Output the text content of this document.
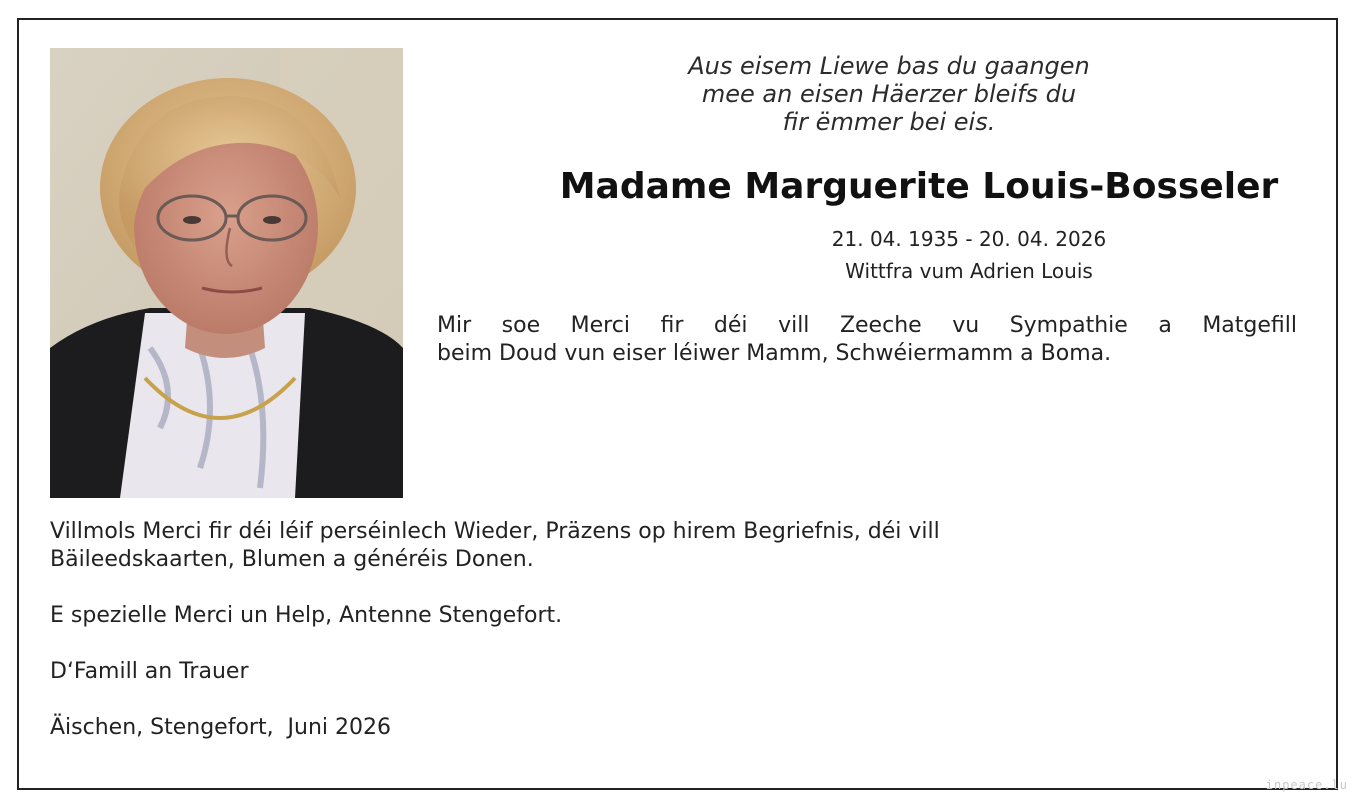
Aus eisem Liewe bas du gaangen
mee an eisen Häerzer bleifs du
fir ëmmer bei eis.
Madame Marguerite Louis-Bosseler
21. 04. 1935 - 20. 04. 2026
Wittfra vum Adrien Louis
Mir soe Merci fir déi vill Zeeche vu Sympathie a Matgefill
beim Doud vun eiser léiwer Mamm, Schwéiermamm a Boma.
Villmols Merci fir déi léif perséinlech Wieder, Präzens op hirem Begriefnis, déi vill
Bäileedskaarten, Blumen a généréis Donen.
E spezielle Merci un Help, Antenne Stengefort.
D‘Famill an Trauer
Äischen, Stengefort,  Juni 2026
inpeace.lu
